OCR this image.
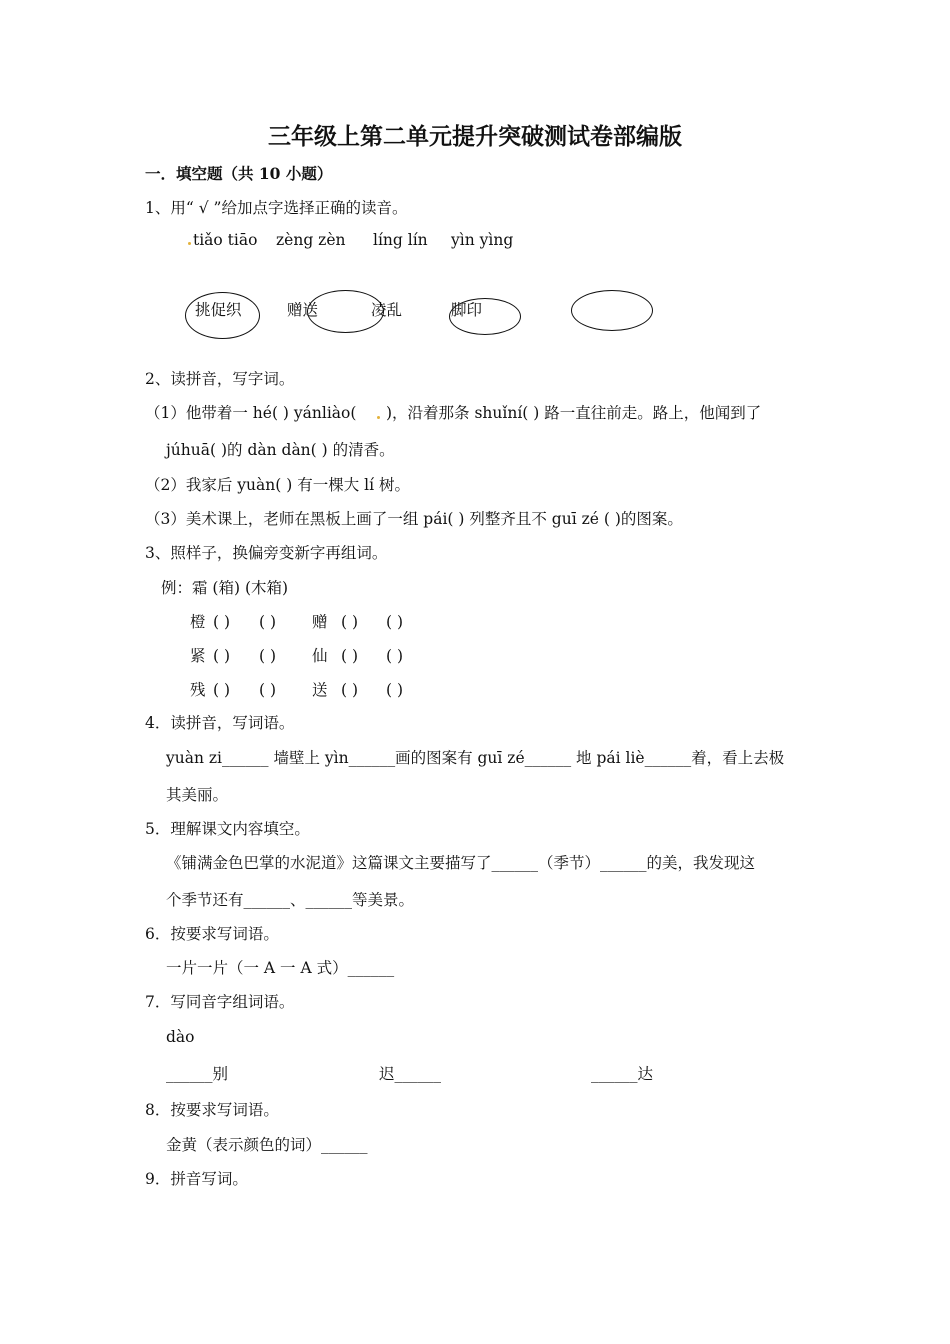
三年级上第二单元提升突破测试卷部编版
一．填空题（共 10 小题）
1、用“ √ ”给加点字选择正确的读音。
tiǎo tiāo zèng zèn líng lín yìn yìng
挑促织	赠送	凌乱	脚印
2、读拼音，写字词。
（1）他带着一 hé( ) yánliào( )，沿着那条 shuǐní( ) 路一直往前走。路上，他闻到了
júhuā( )的 dàn dàn( ) 的清香。
（2）我家后 yuàn( ) 有一棵大 lí 树。
（3）美术课上，老师在黑板上画了一组 pái( ) 列整齐且不 guī zé ( )的图案。
3、照样子，换偏旁变新字再组词。
例：霜 (箱) (木箱)
橙 ( ) ( ) 赠 ( ) ( )
紧 ( ) ( ) 仙 ( ) ( )
残 ( ) ( ) 送 ( ) ( )
4．读拼音，写词语。
yuàn zi______ 墙壁上 yìn______画的图案有 guī zé______ 地 pái liè______着，看上去极
其美丽。
5．理解课文内容填空。
《铺满金色巴掌的水泥道》这篇课文主要描写了______（季节）______的美，我发现这
个季节还有______、______等美景。
6．按要求写词语。
一片一片（一 A 一 A 式）______
7．写同音字组词语。
dào
______别	迟______	______达
8．按要求写词语。
金黄（表示颜色的词）______
9．拼音写词。
